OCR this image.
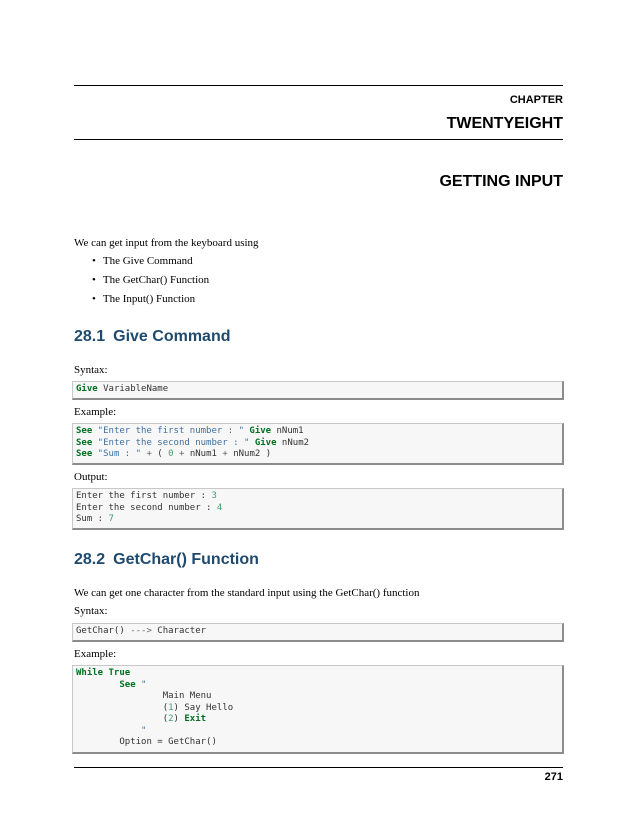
CHAPTER
TWENTYEIGHT
GETTING INPUT
We can get input from the keyboard using
• The Give Command
• The GetChar() Function
• The Input() Function
28.1 Give Command
Syntax:
Give VariableName
Example:
See "Enter the first number : " Give nNum1
See "Enter the second number : " Give nNum2
See "Sum : " + ( 0 + nNum1 + nNum2 )
Output:
Enter the first number : 3
Enter the second number : 4
Sum : 7
28.2 GetChar() Function
We can get one character from the standard input using the GetChar() function
Syntax:
GetChar() ---> Character
Example:
While True
See "
Main Menu
(1) Say Hello
(2) Exit
"
Option = GetChar()
271
